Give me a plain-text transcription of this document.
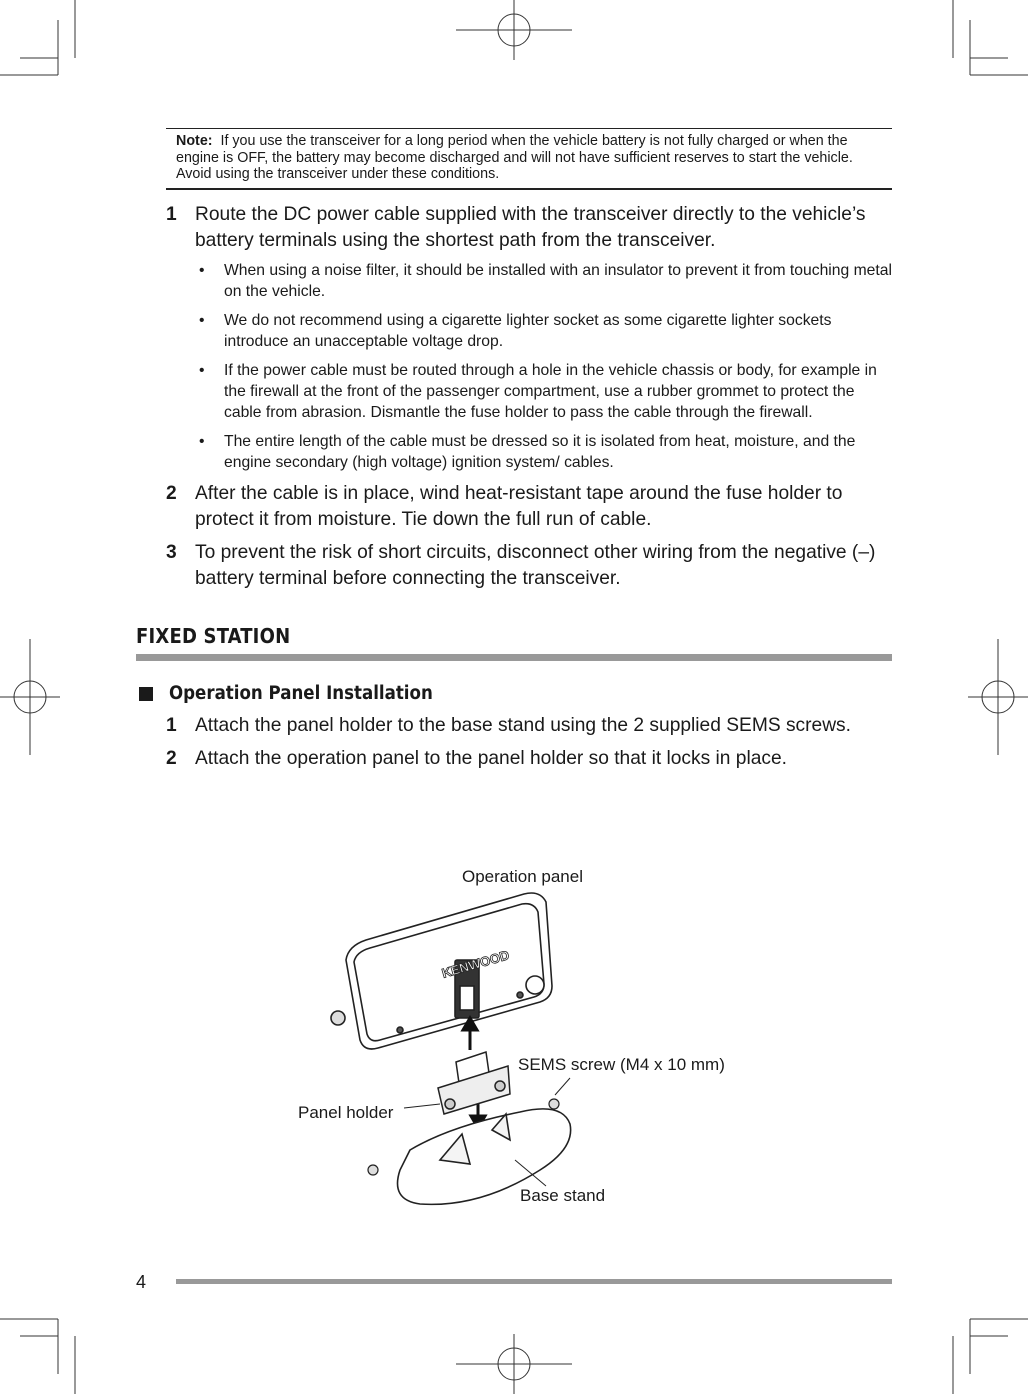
Note: If you use the transceiver for a long period when the vehicle battery is not fully charged or when the engine is OFF, the battery may become discharged and will not have sufficient reserves to start the vehicle. Avoid using the transceiver under these conditions.
1 Route the DC power cable supplied with the transceiver directly to the vehicle’s battery terminals using the shortest path from the transceiver.
• When using a noise filter, it should be installed with an insulator to prevent it from touching metal on the vehicle.
• We do not recommend using a cigarette lighter socket as some cigarette lighter sockets introduce an unacceptable voltage drop.
• If the power cable must be routed through a hole in the vehicle chassis or body, for example in the firewall at the front of the passenger compartment, use a rubber grommet to protect the cable from abrasion. Dismantle the fuse holder to pass the cable through the firewall.
• The entire length of the cable must be dressed so it is isolated from heat, moisture, and the engine secondary (high voltage) ignition system/ cables.
2 After the cable is in place, wind heat-resistant tape around the fuse holder to protect it from moisture. Tie down the full run of cable.
3 To prevent the risk of short circuits, disconnect other wiring from the negative (–) battery terminal before connecting the transceiver.
FIXED STATION
Operation Panel Installation
1 Attach the panel holder to the base stand using the 2 supplied SEMS screws.
2 Attach the operation panel to the panel holder so that it locks in place.
KENWOOD
Operation panel
SEMS screw (M4 x 10 mm)
Panel holder
Base stand
4
